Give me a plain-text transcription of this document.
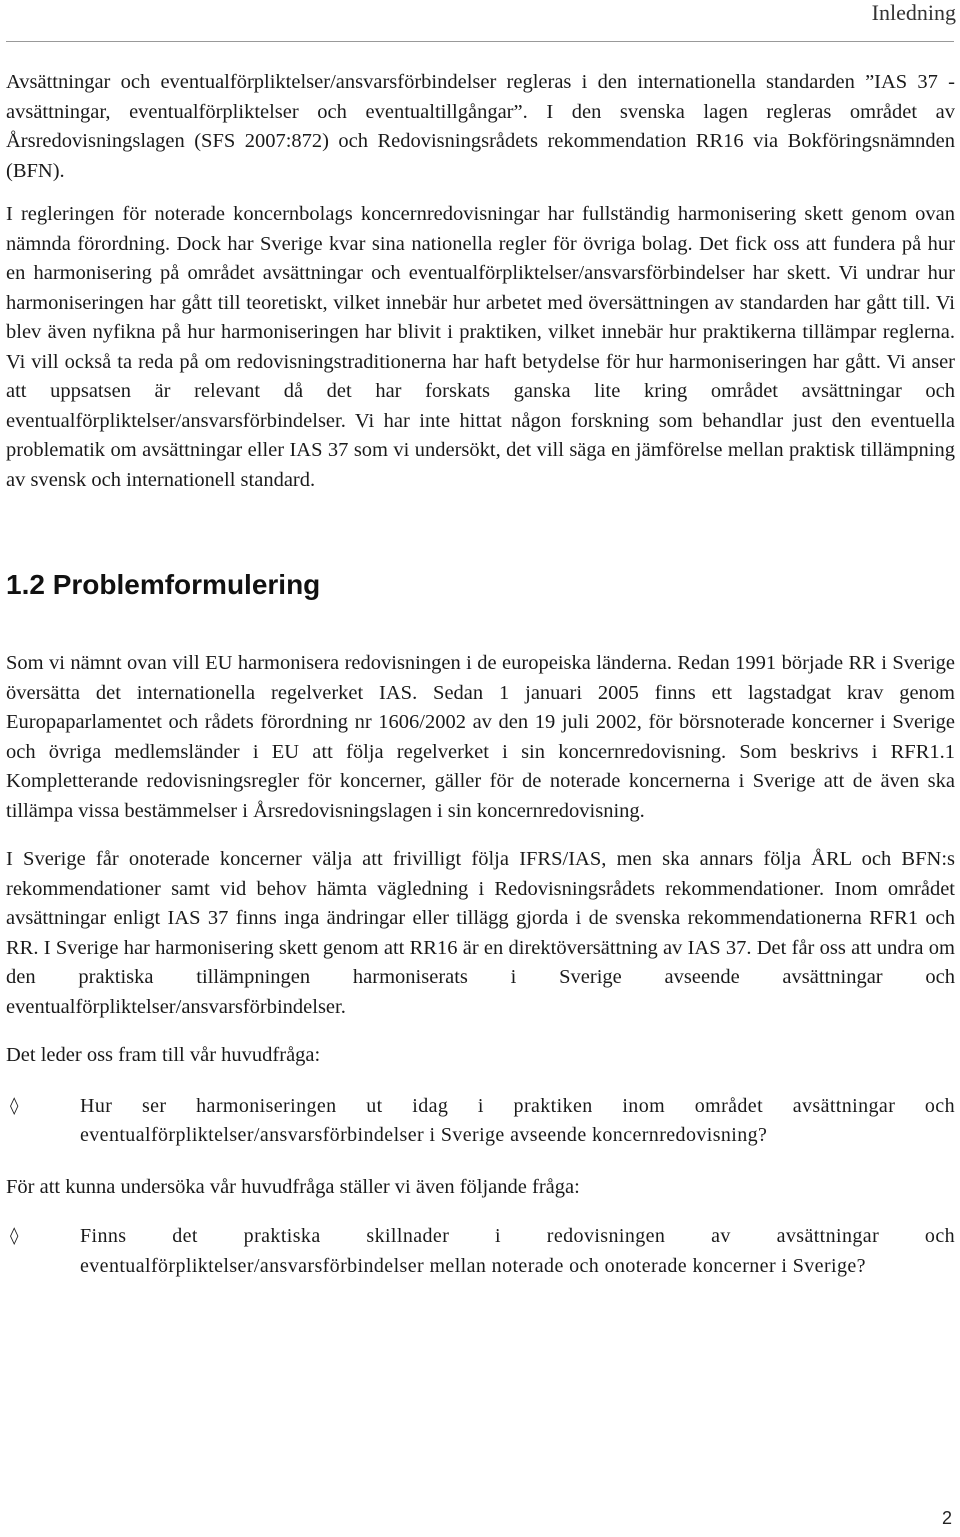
Inledning

Avsättningar och eventualförpliktelser/ansvarsförbindelser regleras i den internationella standarden ”IAS 37 - avsättningar, eventualförpliktelser och eventualtillgångar”. I den svenska lagen regleras området av Årsredovisningslagen (SFS 2007:872) och Redovisningsrådets rekommendation RR16 via Bokföringsnämnden (BFN).

I regleringen för noterade koncernbolags koncernredovisningar har fullständig harmonisering skett genom ovan nämnda förordning. Dock har Sverige kvar sina nationella regler för övriga bolag. Det fick oss att fundera på hur en harmonisering på området avsättningar och eventualförpliktelser/ansvarsförbindelser har skett. Vi undrar hur harmoniseringen har gått till teoretiskt, vilket innebär hur arbetet med översättningen av standarden har gått till. Vi blev även nyfikna på hur harmoniseringen har blivit i praktiken, vilket innebär hur praktikerna tillämpar reglerna. Vi vill också ta reda på om redovisningstraditionerna har haft betydelse för hur harmoniseringen har gått. Vi anser att uppsatsen är relevant då det har forskats ganska lite kring området avsättningar och eventualförpliktelser/ansvarsförbindelser. Vi har inte hittat någon forskning som behandlar just den eventuella problematik om avsättningar eller IAS 37 som vi undersökt, det vill säga en jämförelse mellan praktisk tillämpning av svensk och internationell standard.

1.2 Problemformulering

Som vi nämnt ovan vill EU harmonisera redovisningen i de europeiska länderna. Redan 1991 började RR i Sverige översätta det internationella regelverket IAS. Sedan 1 januari 2005 finns ett lagstadgat krav genom Europaparlamentet och rådets förordning nr 1606/2002 av den 19 juli 2002, för börsnoterade koncerner i Sverige och övriga medlemsländer i EU att följa regelverket i sin koncernredovisning. Som beskrivs i RFR1.1 Kompletterande redovisningsregler för koncerner, gäller för de noterade koncernerna i Sverige att de även ska tillämpa vissa bestämmelser i Årsredovisningslagen i sin koncernredovisning.

I Sverige får onoterade koncerner välja att frivilligt följa IFRS/IAS, men ska annars följa ÅRL och BFN:s rekommendationer samt vid behov hämta vägledning i Redovisningsrådets rekommendationer. Inom området avsättningar enligt IAS 37 finns inga ändringar eller tillägg gjorda i de svenska rekommendationerna RFR1 och RR. I Sverige har harmonisering skett genom att RR16 är en direktöversättning av IAS 37. Det får oss att undra om den praktiska tillämpningen harmoniserats i Sverige avseende avsättningar och eventualförpliktelser/ansvarsförbindelser.

Det leder oss fram till vår huvudfråga:

◊	Hur ser harmoniseringen ut idag i praktiken inom området avsättningar och eventualförpliktelser/ansvarsförbindelser i Sverige avseende koncernredovisning?

För att kunna undersöka vår huvudfråga ställer vi även följande fråga:

◊	Finns det praktiska skillnader i redovisningen av avsättningar och eventualförpliktelser/ansvarsförbindelser mellan noterade och onoterade koncerner i Sverige?
2
